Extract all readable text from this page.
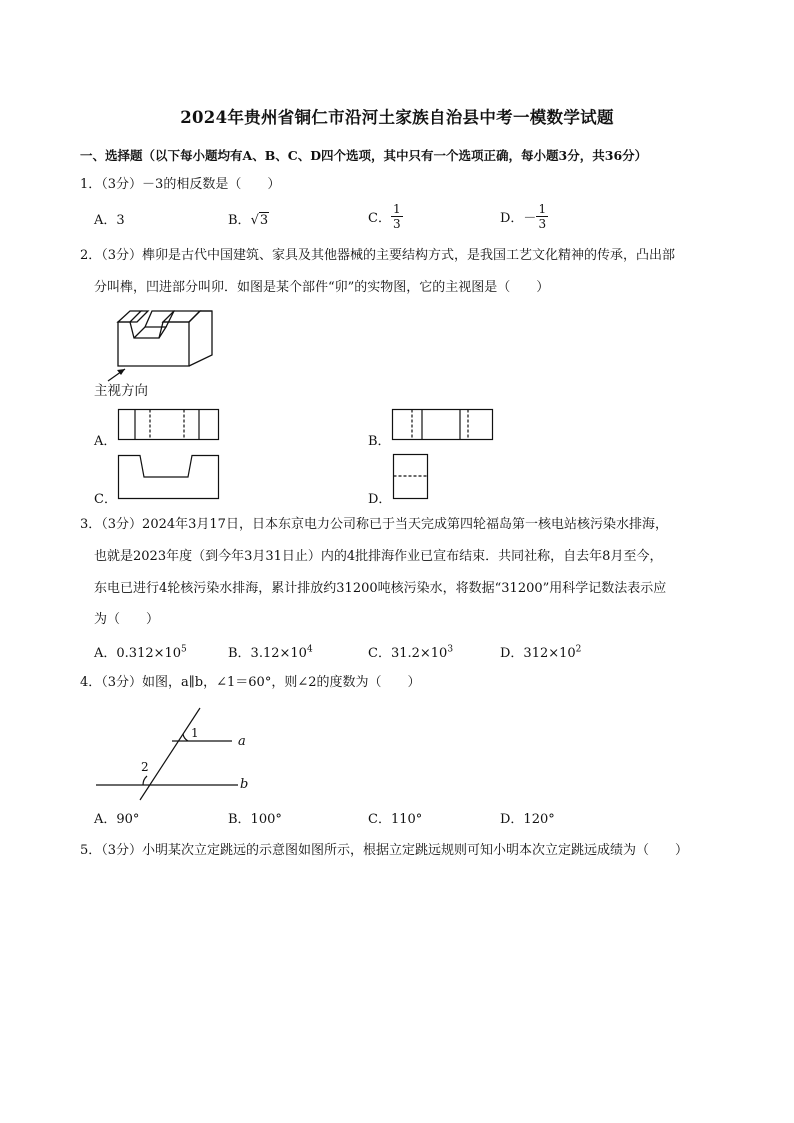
2024年贵州省铜仁市沿河土家族自治县中考一模数学试题
一、选择题（以下每小题均有A、B、C、D四个选项，其中只有一个选项正确，每小题3分，共36分）
1．（3分）－3的相反数是（　　）
A．3	B．√3	C． $\frac{1}{3}$	D．－ $\frac{1}{3}$
2．（3分）榫卯是古代中国建筑、家具及其他器械的主要结构方式，是我国工艺文化精神的传承，凸出部
分叫榫，凹进部分叫卯．如图是某个部件“卯”的实物图，它的主视图是（　　）
主视方向
A．	B．
C．	D．
3．（3分）2024年3月17日，日本东京电力公司称已于当天完成第四轮福岛第一核电站核污染水排海，
也就是2023年度（到今年3月31日止）内的4批排海作业已宣布结束．共同社称，自去年8月至今，
东电已进行4轮核污染水排海，累计排放约31200吨核污染水，将数据“31200”用科学记数法表示应
为（　　）
A．$0.312\times 10^5$	B．$3.12\times 10^4$	C．$31.2\times 10^3$	D．$312\times 10^2$
4．（3分）如图，a∥b，∠1＝60°，则∠2的度数为（　　）
1
a
2
b
A．90°	B．100°	C．110°	D．120°
5．（3分）小明某次立定跳远的示意图如图所示，根据立定跳远规则可知小明本次立定跳远成绩为（　　）
